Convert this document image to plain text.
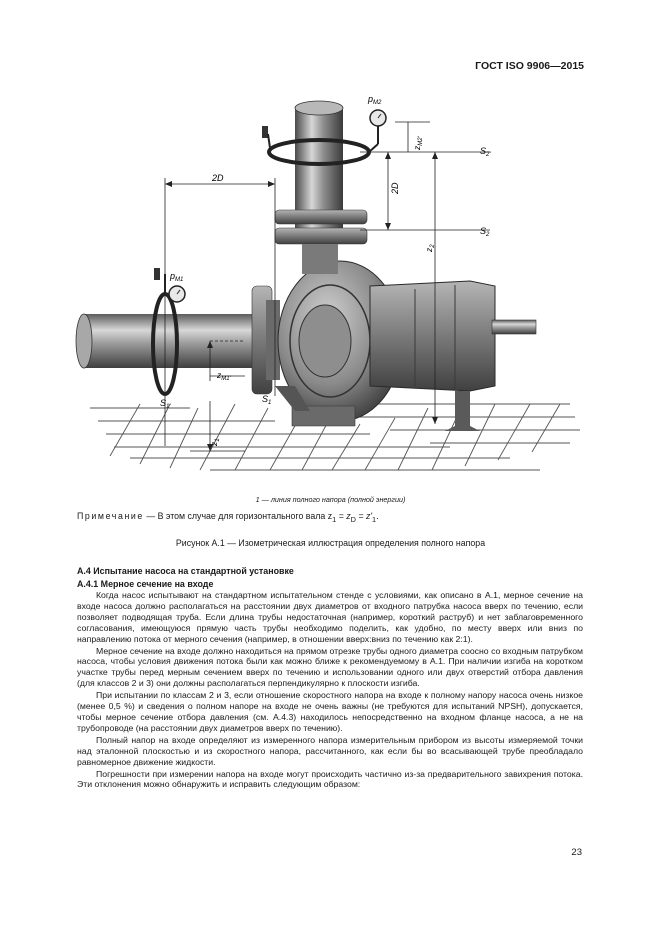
ГОСТ ISO 9906—2015
2D
2D
$p_{M1}$
$p_{M2}$
$z_{M1'}$
$z_{M2'}$
$z_1$
$z_2$
$S_{1'}$
$S_1$
$S_{2'}$
$S_2$
1 — линия полного напора (полной энергии)
Примечание — В этом случае для горизонтального вала $z_1 = z_D = z'_1$.
Рисунок A.1 — Изометрическая иллюстрация определения полного напора
A.4 Испытание насоса на стандартной установке
A.4.1 Мерное сечение на входе

Когда насос испытывают на стандартном испытательном стенде с условиями, как описано в А.1, мерное сечение на входе насоса должно располагаться на расстоянии двух диаметров от входного патрубка насоса вверх по течению, если позволяет подводящая труба. Если длина трубы недостаточная (например, короткий раструб) и нет заблаговременного согласования, имеющуюся прямую часть трубы необходимо поделить, как удобно, по месту вверх или вниз по направлению потока от мерного сечения (например, в отношении вверх:вниз по течению как 2:1).

Мерное сечение на входе должно находиться на прямом отрезке трубы одного диаметра соосно со входным патрубком насоса, чтобы условия движения потока были как можно ближе к рекомендуемому в А.1. При наличии изгиба на коротком участке трубы перед мерным сечением вверх по течению и использовании одного или двух отверстий отбора давления (для классов 2 и 3) они должны располагаться перпендикулярно к плоскости изгиба.

При испытании по классам 2 и 3, если отношение скоростного напора на входе к полному напору насоса очень низкое (менее 0,5 %) и сведения о полном напоре на входе не очень важны (не требуются для испытаний NPSH), допускается, чтобы мерное сечение отбора давления (см. А.4.3) находилось непосредственно на входном фланце насоса, а не на трубопроводе (на расстоянии двух диаметров вверх по течению).

Полный напор на входе определяют из измеренного напора измерительным прибором из высоты измеряемой точки над эталонной плоскостью и из скоростного напора, рассчитанного, как если бы во всасывающей трубе преобладало равномерное движение жидкости.

Погрешности при измерении напора на входе могут происходить частично из-за предварительного завихрения потока. Эти отклонения можно обнаружить и исправить следующим образом:

23
